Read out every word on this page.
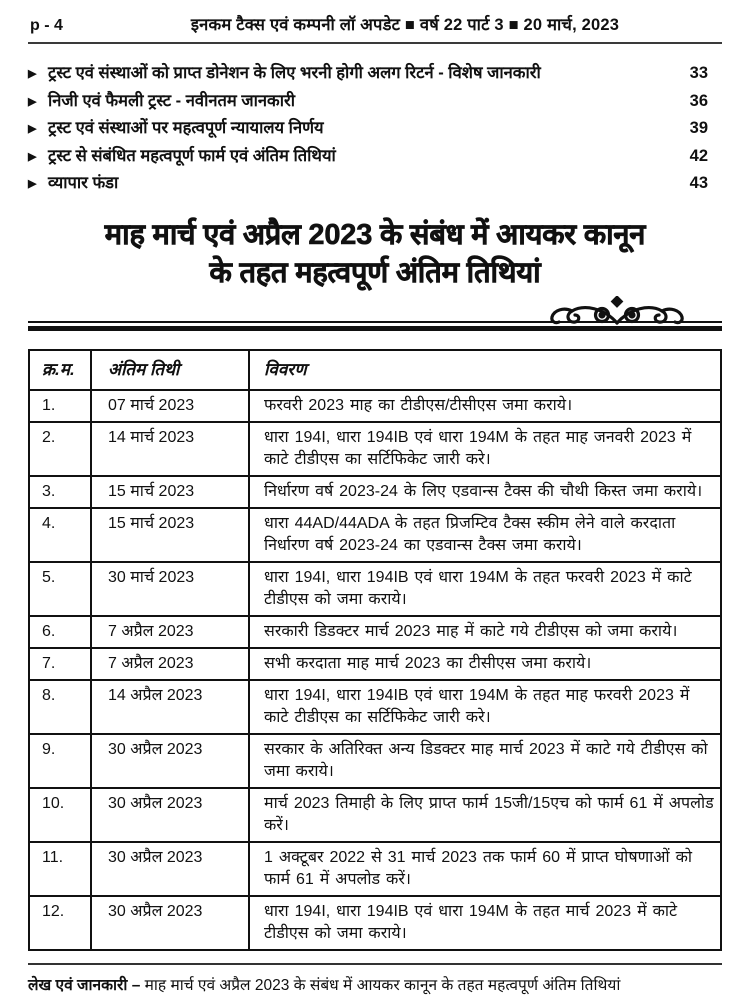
p - 4	इनकम टैक्स एवं कम्पनी लॉ अपडेट ■ वर्ष 22 पार्ट 3 ■ 20 मार्च, 2023
▶ ट्रस्ट एवं संस्थाओं को प्राप्त डोनेशन के लिए भरनी होगी अलग रिटर्न - विशेष जानकारी	33
▶ निजी एवं फैमली ट्रस्ट - नवीनतम जानकारी	36
▶ ट्रस्ट एवं संस्थाओं पर महत्वपूर्ण न्यायालय निर्णय	39
▶ ट्रस्ट से संबंधित महत्वपूर्ण फार्म एवं अंतिम तिथियां	42
▶ व्यापार फंडा	43
माह मार्च एवं अप्रैल 2023 के संबंध में आयकर कानून
के तहत महत्वपूर्ण अंतिम तिथियां
क्र.म.	अंतिम तिथी	विवरण
1.	07 मार्च 2023	फरवरी 2023 माह का टीडीएस/टीसीएस जमा कराये।
2.	14 मार्च 2023	धारा 194I, धारा 194IB एवं धारा 194M के तहत माह जनवरी 2023 में काटे टीडीएस का सर्टिफिकेट जारी करे।
3.	15 मार्च 2023	निर्धारण वर्ष 2023-24 के लिए एडवान्स टैक्स की चौथी किस्त जमा कराये।
4.	15 मार्च 2023	धारा 44AD/44ADA के तहत प्रिजम्टिव टैक्स स्कीम लेने वाले करदाता निर्धारण वर्ष 2023-24 का एडवान्स टैक्स जमा कराये।
5.	30 मार्च 2023	धारा 194I, धारा 194IB एवं धारा 194M के तहत फरवरी 2023 में काटे टीडीएस को जमा कराये।
6.	7 अप्रैल 2023	सरकारी डिडक्टर मार्च 2023 माह में काटे गये टीडीएस को जमा कराये।
7.	7 अप्रैल 2023	सभी करदाता माह मार्च 2023 का टीसीएस जमा कराये।
8.	14 अप्रैल 2023	धारा 194I, धारा 194IB एवं धारा 194M के तहत माह फरवरी 2023 में काटे टीडीएस का सर्टिफिकेट जारी करे।
9.	30 अप्रैल 2023	सरकार के अतिरिक्त अन्य डिडक्टर माह मार्च 2023 में काटे गये टीडीएस को जमा कराये।
10.	30 अप्रैल 2023	मार्च 2023 तिमाही के लिए प्राप्त फार्म 15जी/15एच को फार्म 61 में अपलोड करें।
11.	30 अप्रैल 2023	1 अक्टूबर 2022 से 31 मार्च 2023 तक फार्म 60 में प्राप्त घोषणाओं को फार्म 61 में अपलोड करें।
12.	30 अप्रैल 2023	धारा 194I, धारा 194IB एवं धारा 194M के तहत मार्च 2023 में काटे टीडीएस को जमा कराये।
लेख एवं जानकारी – माह मार्च एवं अप्रैल 2023 के संबंध में आयकर कानून के तहत महत्वपूर्ण अंतिम तिथियां
